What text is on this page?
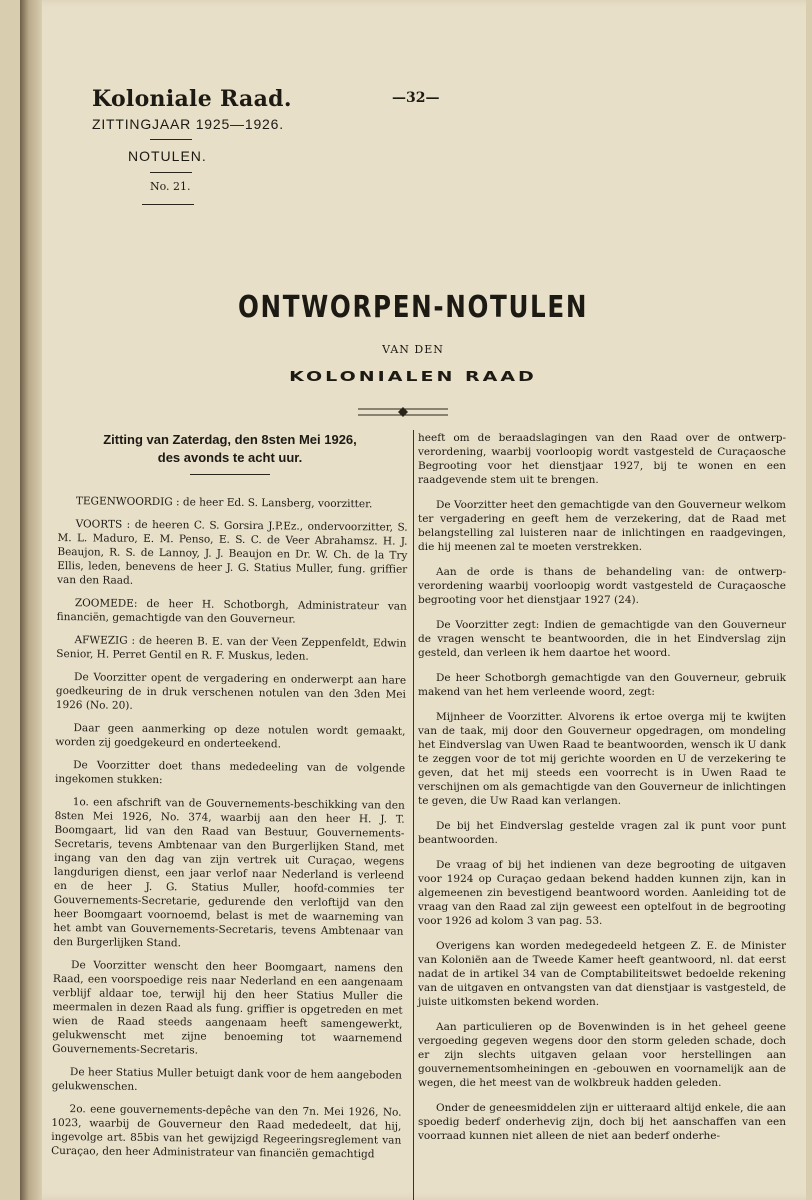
Koloniale Raad.
ZITTINGJAAR 1925—1926.
NOTULEN.
No. 21.
—32—
ONTWORPEN-NOTULEN
VAN DEN
KOLONIALEN RAAD
Zitting van Zaterdag, den 8sten Mei 1926,
des avonds te acht uur.

TEGENWOORDIG : de heer Ed. S. Lansberg, voorzitter.

VOORTS : de heeren C. S. Gorsira J.P.Ez., ondervoorzitter, S. M. L. Maduro, E. M. Penso, E. S. C. de Veer Abrahamsz. H. J. Beaujon, R. S. de Lannoy, J. J. Beaujon en Dr. W. Ch. de la Try Ellis, leden, benevens de heer J. G. Statius Muller, fung. griffier van den Raad.

ZOOMEDE: de heer H. Schotborgh, Administrateur van financiën, gemachtigde van den Gouverneur.

AFWEZIG : de heeren B. E. van der Veen Zeppenfeldt, Edwin Senior, H. Perret Gentil en R. F. Muskus, leden.

De Voorzitter opent de vergadering en onderwerpt aan hare goedkeuring de in druk verschenen notulen van den 3den Mei 1926 (No. 20).

Daar geen aanmerking op deze notulen wordt gemaakt, worden zij goedgekeurd en onderteekend.

De Voorzitter doet thans mededeeling van de volgende ingekomen stukken:

1o. een afschrift van de Gouvernements-beschikking van den 8sten Mei 1926, No. 374, waarbij aan den heer H. J. T. Boomgaart, lid van den Raad van Bestuur, Gouvernements-Secretaris, tevens Ambtenaar van den Burgerlijken Stand, met ingang van den dag van zijn vertrek uit Curaçao, wegens langdurigen dienst, een jaar verlof naar Nederland is verleend en de heer J. G. Statius Muller, hoofd-commies ter Gouvernements-Secretarie, gedurende den verloftijd van den heer Boomgaart voornoemd, belast is met de waarneming van het ambt van Gouvernements-Secretaris, tevens Ambtenaar van den Burgerlijken Stand.

De Voorzitter wenscht den heer Boomgaart, namens den Raad, een voorspoedige reis naar Nederland en een aangenaam verblijf aldaar toe, terwijl hij den heer Statius Muller die meermalen in dezen Raad als fung. griffier is opgetreden en met wien de Raad steeds aangenaam heeft samengewerkt, gelukwenscht met zijne benoeming tot waarnemend Gouvernements-Secretaris.

De heer Statius Muller betuigt dank voor de hem aangeboden gelukwenschen.

2o. eene gouvernements-depêche van den 7n. Mei 1926, No. 1023, waarbij de Gouverneur den Raad mededeelt, dat hij, ingevolge art. 85bis van het gewijzigd Regeeringsreglement van Curaçao, den heer Administrateur van financiën gemachtigd

heeft om de beraadslagingen van den Raad over de ontwerp-verordening, waarbij voorloopig wordt vastgesteld de Curaçaosche Begrooting voor het dienstjaar 1927, bij te wonen en een raadgevende stem uit te brengen.

De Voorzitter heet den gemachtigde van den Gouverneur welkom ter vergadering en geeft hem de verzekering, dat de Raad met belangstelling zal luisteren naar de inlichtingen en raadgevingen, die hij meenen zal te moeten verstrekken.

Aan de orde is thans de behandeling van: de ontwerp-verordening waarbij voorloopig wordt vastgesteld de Curaçaosche begrooting voor het dienstjaar 1927 (24).

De Voorzitter zegt: Indien de gemachtigde van den Gouverneur de vragen wenscht te beantwoorden, die in het Eindverslag zijn gesteld, dan verleen ik hem daartoe het woord.

De heer Schotborgh gemachtigde van den Gouverneur, gebruik makend van het hem verleende woord, zegt:

Mijnheer de Voorzitter. Alvorens ik ertoe overga mij te kwijten van de taak, mij door den Gouverneur opgedragen, om mondeling het Eindverslag van Uwen Raad te beantwoorden, wensch ik U dank te zeggen voor de tot mij gerichte woorden en U de verzekering te geven, dat het mij steeds een voorrecht is in Uwen Raad te verschijnen om als gemachtigde van den Gouverneur de inlichtingen te geven, die Uw Raad kan verlangen.

De bij het Eindverslag gestelde vragen zal ik punt voor punt beantwoorden.

De vraag of bij het indienen van deze begrooting de uitgaven voor 1924 op Curaçao gedaan bekend hadden kunnen zijn, kan in algemeenen zin bevestigend beantwoord worden. Aanleiding tot de vraag van den Raad zal zijn geweest een optelfout in de begrooting voor 1926 ad kolom 3 van pag. 53.

Overigens kan worden medegedeeld hetgeen Z. E. de Minister van Koloniën aan de Tweede Kamer heeft geantwoord, nl. dat eerst nadat de in artikel 34 van de Comptabiliteitswet bedoelde rekening van de uitgaven en ontvangsten van dat dienstjaar is vastgesteld, de juiste uitkomsten bekend worden.

Aan particulieren op de Bovenwinden is in het geheel geene vergoeding gegeven wegens door den storm geleden schade, doch er zijn slechts uitgaven gelaan voor herstellingen aan gouvernementsomheiningen en -gebouwen en voornamelijk aan de wegen, die het meest van de wolkbreuk hadden geleden.

Onder de geneesmiddelen zijn er uitteraard altijd enkele, die aan spoedig bederf onderhevig zijn, doch bij het aanschaffen van een voorraad kunnen niet alleen de niet aan bederf onderhe-
